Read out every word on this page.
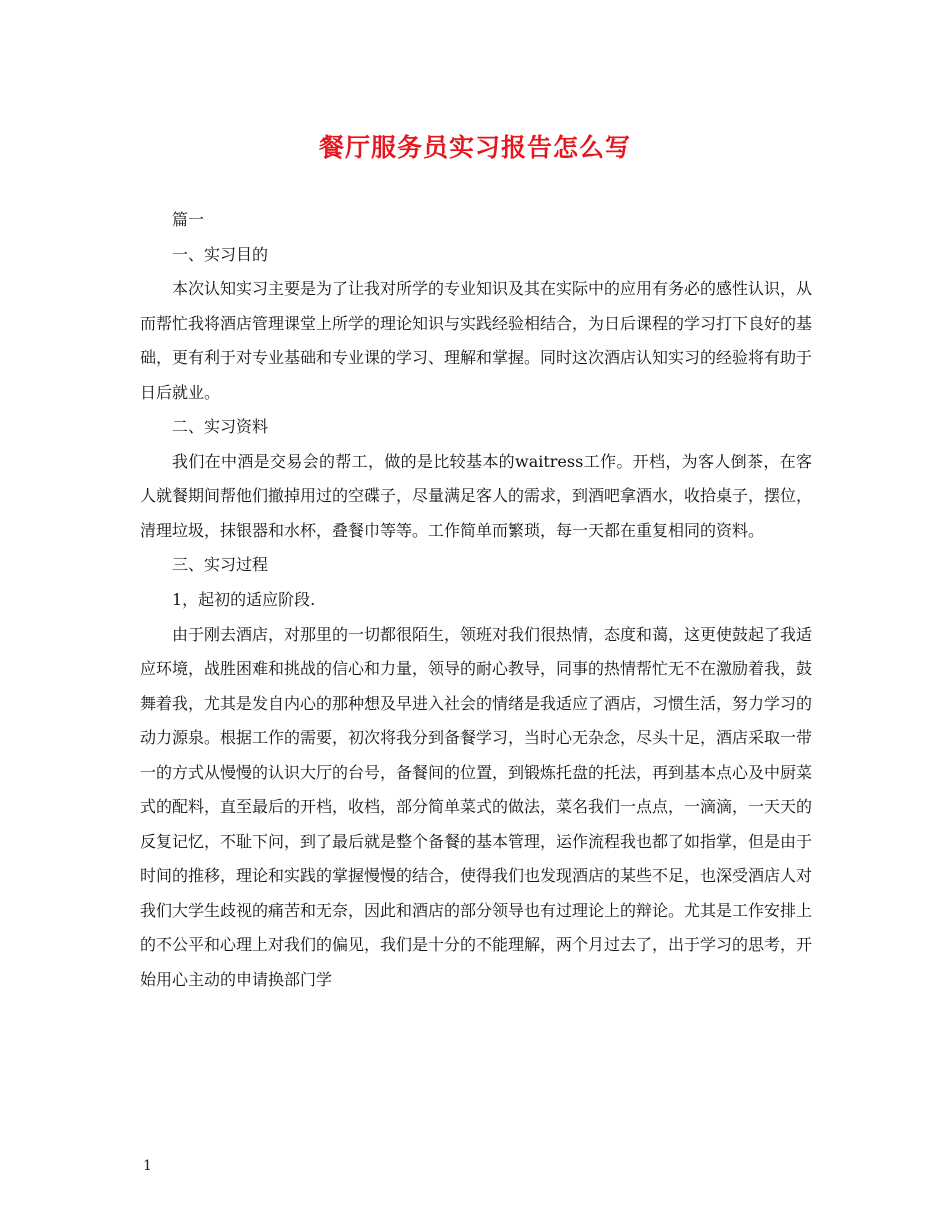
餐厅服务员实习报告怎么写

篇一

一、实习目的

本次认知实习主要是为了让我对所学的专业知识及其在实际中的应用有务必的感性认识，从而帮忙我将酒店管理课堂上所学的理论知识与实践经验相结合，为日后课程的学习打下良好的基础，更有利于对专业基础和专业课的学习、理解和掌握。同时这次酒店认知实习的经验将有助于日后就业。

二、实习资料

我们在中酒是交易会的帮工，做的是比较基本的waitress工作。开档，为客人倒茶，在客人就餐期间帮他们撤掉用过的空碟子，尽量满足客人的需求，到酒吧拿酒水，收拾桌子，摆位，清理垃圾，抹银器和水杯，叠餐巾等等。工作简单而繁琐，每一天都在重复相同的资料。

三、实习过程

1，起初的适应阶段.

由于刚去酒店，对那里的一切都很陌生，领班对我们很热情，态度和蔼，这更使鼓起了我适应环境，战胜困难和挑战的信心和力量，领导的耐心教导，同事的热情帮忙无不在激励着我，鼓舞着我，尤其是发自内心的那种想及早进入社会的情绪是我适应了酒店，习惯生活，努力学习的动力源泉。根据工作的需要，初次将我分到备餐学习，当时心无杂念，尽头十足，酒店采取一带一的方式从慢慢的认识大厅的台号，备餐间的位置，到锻炼托盘的托法，再到基本点心及中厨菜式的配料，直至最后的开档，收档，部分简单菜式的做法，菜名我们一点点，一滴滴，一天天的反复记忆，不耻下问，到了最后就是整个备餐的基本管理，运作流程我也都了如指掌，但是由于时间的推移，理论和实践的掌握慢慢的结合，使得我们也发现酒店的某些不足，也深受酒店人对我们大学生歧视的痛苦和无奈，因此和酒店的部分领导也有过理论上的辩论。尤其是工作安排上的不公平和心理上对我们的偏见，我们是十分的不能理解，两个月过去了，出于学习的思考，开始用心主动的申请换部门学

1
